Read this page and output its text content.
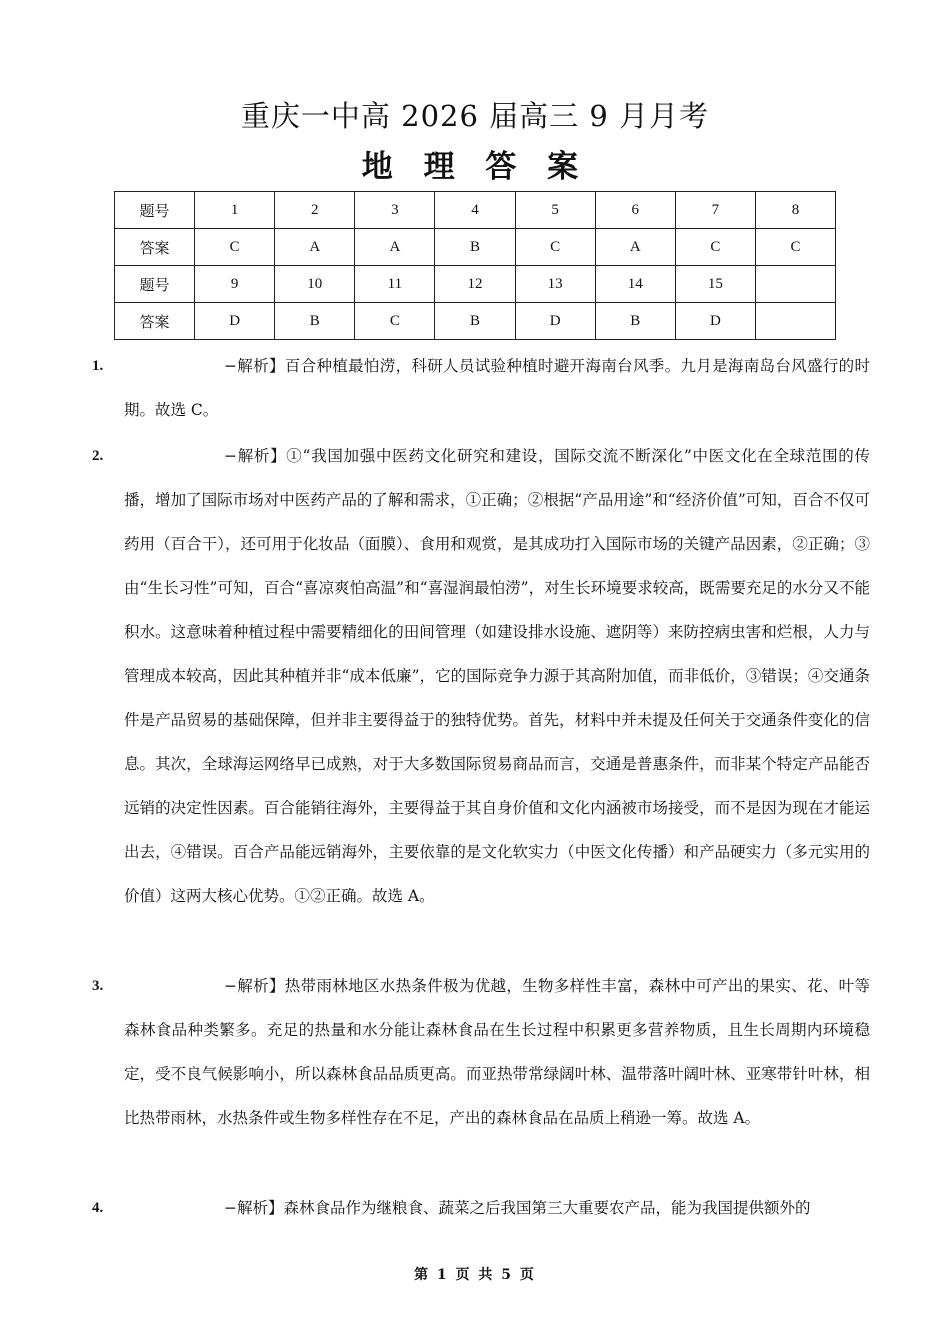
重庆一中高 2026 届高三 9 月月考
地 理 答 案
题号	1	2	3	4	5	6	7	8
答案	C	A	A	B	C	A	C	C
题号	9	10	11	12	13	14	15	
答案	D	B	C	B	D	B	D	
1.	−解析】百合种植最怕涝，科研人员试验种植时避开海南台风季。九月是海南岛台风盛行的时期。故选 C。
2.	−解析】①“我国加强中医药文化研究和建设，国际交流不断深化”中医文化在全球范围的传播，增加了国际市场对中医药产品的了解和需求，①正确；②根据“产品用途”和“经济价值”可知，百合不仅可药用（百合干），还可用于化妆品（面膜）、食用和观赏，是其成功打入国际市场的关键产品因素，②正确；③由“生长习性”可知，百合“喜凉爽怕高温”和“喜湿润最怕涝”，对生长环境要求较高，既需要充足的水分又不能积水。这意味着种植过程中需要精细化的田间管理（如建设排水设施、遮阴等）来防控病虫害和烂根，人力与管理成本较高，因此其种植并非“成本低廉”，它的国际竞争力源于其高附加值，而非低价，③错误；④交通条件是产品贸易的基础保障，但并非主要得益于的独特优势。首先，材料中并未提及任何关于交通条件变化的信息。其次，全球海运网络早已成熟，对于大多数国际贸易商品而言，交通是普惠条件，而非某个特定产品能否远销的决定性因素。百合能销往海外，主要得益于其自身价值和文化内涵被市场接受，而不是因为现在才能运出去，④错误。百合产品能远销海外，主要依靠的是文化软实力（中医文化传播）和产品硬实力（多元实用的价值）这两大核心优势。①②正确。故选 A。
3.	−解析】热带雨林地区水热条件极为优越，生物多样性丰富，森林中可产出的果实、花、叶等森林食品种类繁多。充足的热量和水分能让森林食品在生长过程中积累更多营养物质，且生长周期内环境稳定，受不良气候影响小，所以森林食品品质更高。而亚热带常绿阔叶林、温带落叶阔叶林、亚寒带针叶林，相比热带雨林，水热条件或生物多样性存在不足，产出的森林食品在品质上稍逊一筹。故选 A。
4.	−解析】森林食品作为继粮食、蔬菜之后我国第三大重要农产品，能为我国提供额外的
第 1 页 共 5 页
